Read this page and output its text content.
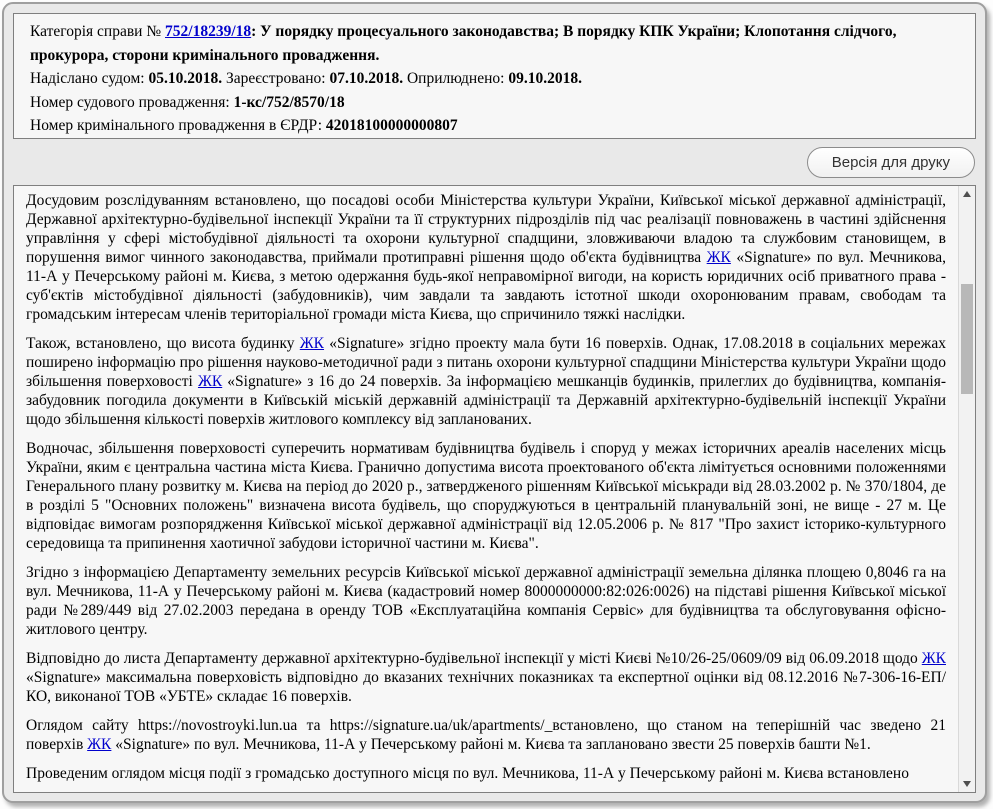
Категорія справи № 752/18239/18: У порядку процесуального законодавства; В порядку КПК України; Клопотання слідчого, прокурора, сторони кримінального провадження.

Надіслано судом: 05.10.2018. Зареєстровано: 07.10.2018. Оприлюднено: 09.10.2018.

Номер судового провадження: 1-кс/752/8570/18

Номер кримінального провадження в ЄРДР: 42018100000000807

Версія для друку

Досудовим розслідуванням встановлено, що посадові особи Міністерства культури України, Київської міської державної адміністрації, Державної архітектурно-будівельної інспекції України та її структурних підрозділів під час реалізації повноважень в частині здійснення управління у сфері містобудівної діяльності та охорони культурної спадщини, зловживаючи владою та службовим становищем, в порушення вимог чинного законодавства, приймали протиправні рішення щодо об'єкта будівництва ЖК «Signature» по вул. Мечникова, 11-А у Печерському районі м. Києва, з метою одержання будь-якої неправомірної вигоди, на користь юридичних осіб приватного права - суб'єктів містобудівної діяльності (забудовників), чим завдали та завдають істотної шкоди охоронюваним правам, свободам та громадським інтересам членів територіальної громади міста Києва, що спричинило тяжкі наслідки.

Також, встановлено, що висота будинку ЖК «Signature» згідно проекту мала бути 16 поверхів. Однак, 17.08.2018 в соціальних мережах поширено інформацію про рішення науково-методичної ради з питань охорони культурної спадщини Міністерства культури України щодо збільшення поверховості ЖК «Signature» з 16 до 24 поверхів. За інформацією мешканців будинків, прилеглих до будівництва, компанія-забудовник погодила документи в Київській міській державній адміністрації та Державній архітектурно-будівельній інспекції України щодо збільшення кількості поверхів житлового комплексу від запланованих.

Водночас, збільшення поверховості суперечить нормативам будівництва будівель і споруд у межах історичних ареалів населених місць України, яким є центральна частина міста Києва. Гранично допустима висота проектованого об'єкта лімітується основними положеннями Генерального плану розвитку м. Києва на період до 2020 р., затвердженого рішенням Київської міськради від 28.03.2002 р. № 370/1804, де в розділі 5 "Основних положень" визначена висота будівель, що споруджуються в центральній планувальній зоні, не вище - 27 м. Це відповідає вимогам розпорядження Київської міської державної адміністрації від 12.05.2006 р. № 817 "Про захист історико-культурного середовища та припинення хаотичної забудови історичної частини м. Києва".

Згідно з інформацією Департаменту земельних ресурсів Київської міської державної адміністрації земельна ділянка площею 0,8046 га на вул. Мечникова, 11-А у Печерському районі м. Києва (кадастровий номер 8000000000:82:026:0026) на підставі рішення Київської міської ради №289/449 від 27.02.2003 передана в оренду ТОВ «Експлуатаційна компанія Сервіс» для будівництва та обслуговування офісно-житлового центру.

Відповідно до листа Департаменту державної архітектурно-будівельної інспекції у місті Києві №10/26-25/0609/09 від 06.09.2018 щодо ЖК «Signature» максимальна поверховість відповідно до вказаних технічних показниках та експертної оцінки від 08.12.2016 №7-306-16-ЕП/КО, виконаної ТОВ «УБТЕ» складає 16 поверхів.

Оглядом сайту https://novostroyki.lun.ua та https://signature.ua/uk/apartments/_встановлено, що станом на теперішній час зведено 21 поверхів ЖК «Signature» по вул. Мечникова, 11-А у Печерському районі м. Києва та заплановано звести 25 поверхів башти №1.

Проведеним оглядом місця події з громадсько доступного місця по вул. Мечникова, 11-А у Печерському районі м. Києва встановлено
